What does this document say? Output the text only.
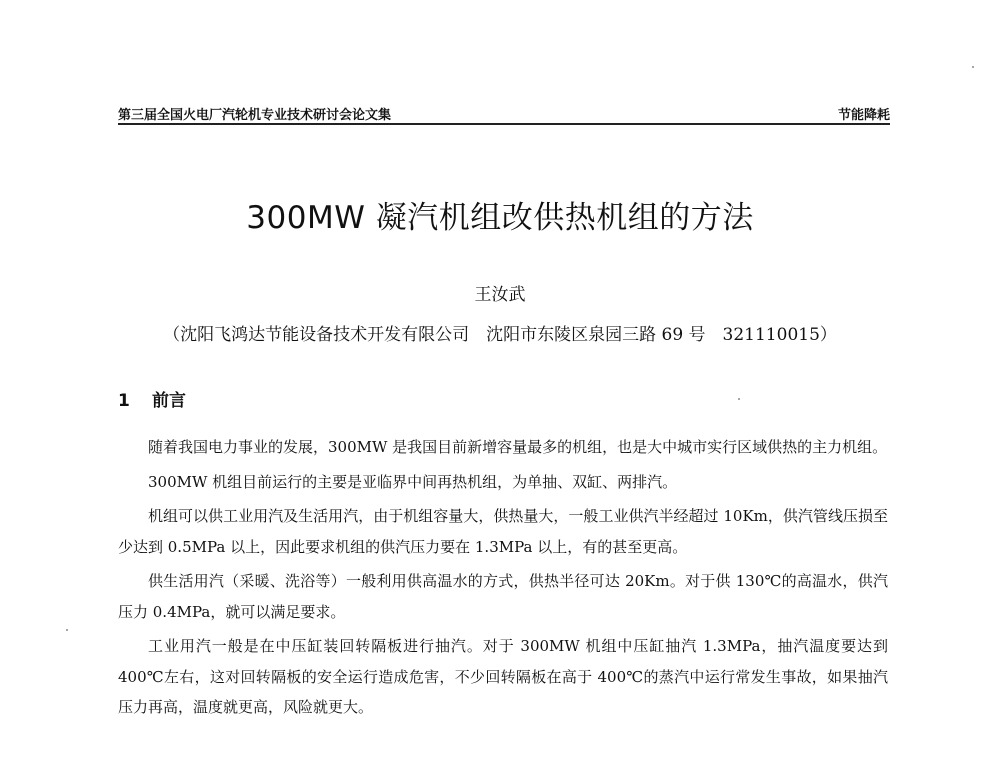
第三届全国火电厂汽轮机专业技术研讨会论文集	节能降耗
300MW 凝汽机组改供热机组的方法
王汝武
（沈阳飞鸿达节能设备技术开发有限公司　沈阳市东陵区泉园三路 69 号　321110015）
1 前言

随着我国电力事业的发展，300MW 是我国目前新增容量最多的机组，也是大中城市实行区域供热的主力机组。

300MW 机组目前运行的主要是亚临界中间再热机组，为单抽、双缸、两排汽。

机组可以供工业用汽及生活用汽，由于机组容量大，供热量大，一般工业供汽半经超过 10Km，供汽管线压损至少达到 0.5MPa 以上，因此要求机组的供汽压力要在 1.3MPa 以上，有的甚至更高。

供生活用汽（采暖、洗浴等）一般利用供高温水的方式，供热半径可达 20Km。对于供 130℃的高温水，供汽压力 0.4MPa，就可以满足要求。

工业用汽一般是在中压缸装回转隔板进行抽汽。对于 300MW 机组中压缸抽汽 1.3MPa，抽汽温度要达到 400℃左右，这对回转隔板的安全运行造成危害，不少回转隔板在高于 400℃的蒸汽中运行常发生事故，如果抽汽压力再高，温度就更高，风险就更大。
